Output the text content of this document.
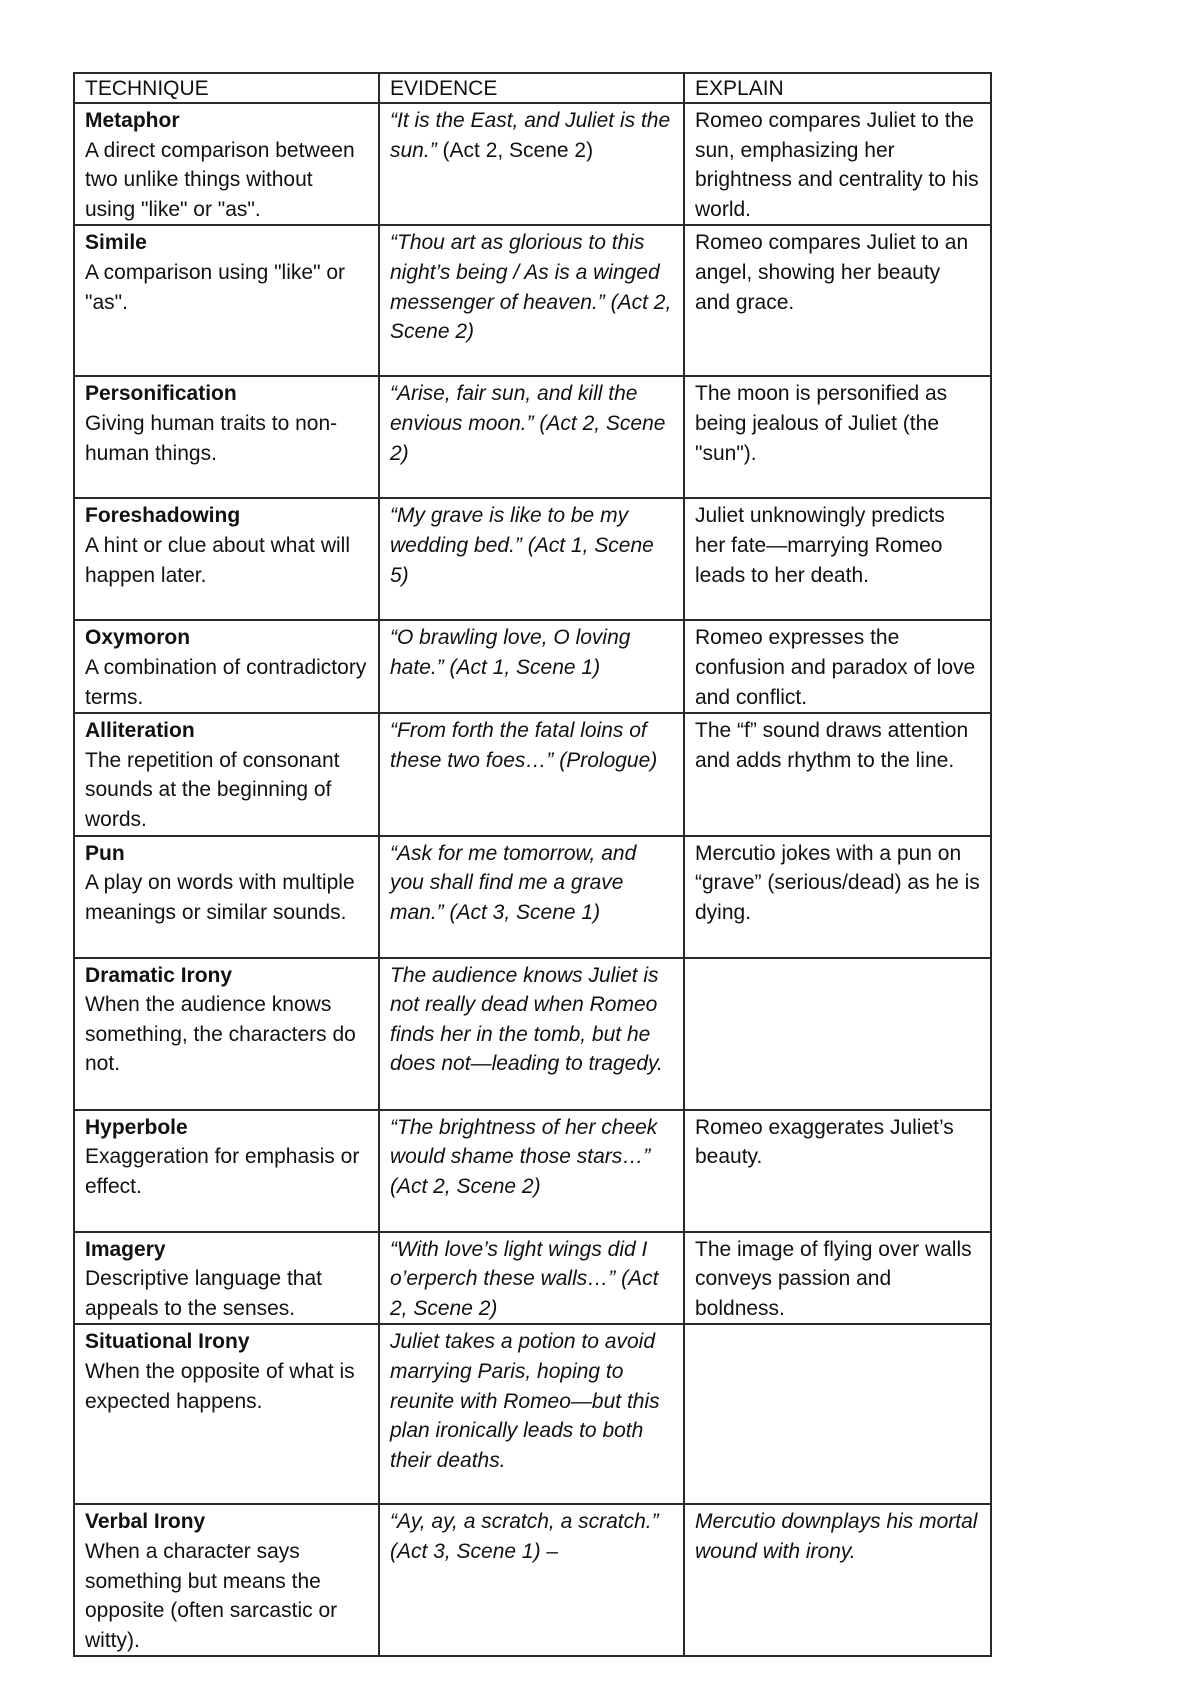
TECHNIQUE	EVIDENCE	EXPLAIN

Metaphor
A direct comparison between two unlike things without using "like" or "as".	“It is the East, and Juliet is the sun.” (Act 2, Scene 2)	Romeo compares Juliet to the sun, emphasizing her brightness and centrality to his world.

Simile
A comparison using "like" or "as".	“Thou art as glorious to this night’s being / As is a winged messenger of heaven.” (Act 2, Scene 2)	Romeo compares Juliet to an angel, showing her beauty and grace.

Personification
Giving human traits to non-human things.	“Arise, fair sun, and kill the envious moon.” (Act 2, Scene 2)	The moon is personified as being jealous of Juliet (the "sun").

Foreshadowing
A hint or clue about what will happen later.	“My grave is like to be my wedding bed.” (Act 1, Scene 5)	Juliet unknowingly predicts her fate—marrying Romeo leads to her death.

Oxymoron
A combination of contradictory terms.	“O brawling love, O loving hate.” (Act 1, Scene 1)	Romeo expresses the confusion and paradox of love and conflict.

Alliteration
The repetition of consonant sounds at the beginning of words.	“From forth the fatal loins of these two foes…” (Prologue)	The “f” sound draws attention and adds rhythm to the line.

Pun
A play on words with multiple meanings or similar sounds.	“Ask for me tomorrow, and you shall find me a grave man.” (Act 3, Scene 1)	Mercutio jokes with a pun on “grave” (serious/dead) as he is dying.

Dramatic Irony
When the audience knows something, the characters do not.	The audience knows Juliet is not really dead when Romeo finds her in the tomb, but he does not—leading to tragedy.	

Hyperbole
Exaggeration for emphasis or effect.	“The brightness of her cheek would shame those stars…” (Act 2, Scene 2)	Romeo exaggerates Juliet’s beauty.

Imagery
Descriptive language that appeals to the senses.	“With love’s light wings did I o’erperch these walls…” (Act 2, Scene 2)	The image of flying over walls conveys passion and boldness.

Situational Irony
When the opposite of what is expected happens.	Juliet takes a potion to avoid marrying Paris, hoping to reunite with Romeo—but this plan ironically leads to both their deaths.	

Verbal Irony
When a character says something but means the opposite (often sarcastic or witty).	“Ay, ay, a scratch, a scratch.” (Act 3, Scene 1) –	Mercutio downplays his mortal wound with irony.
